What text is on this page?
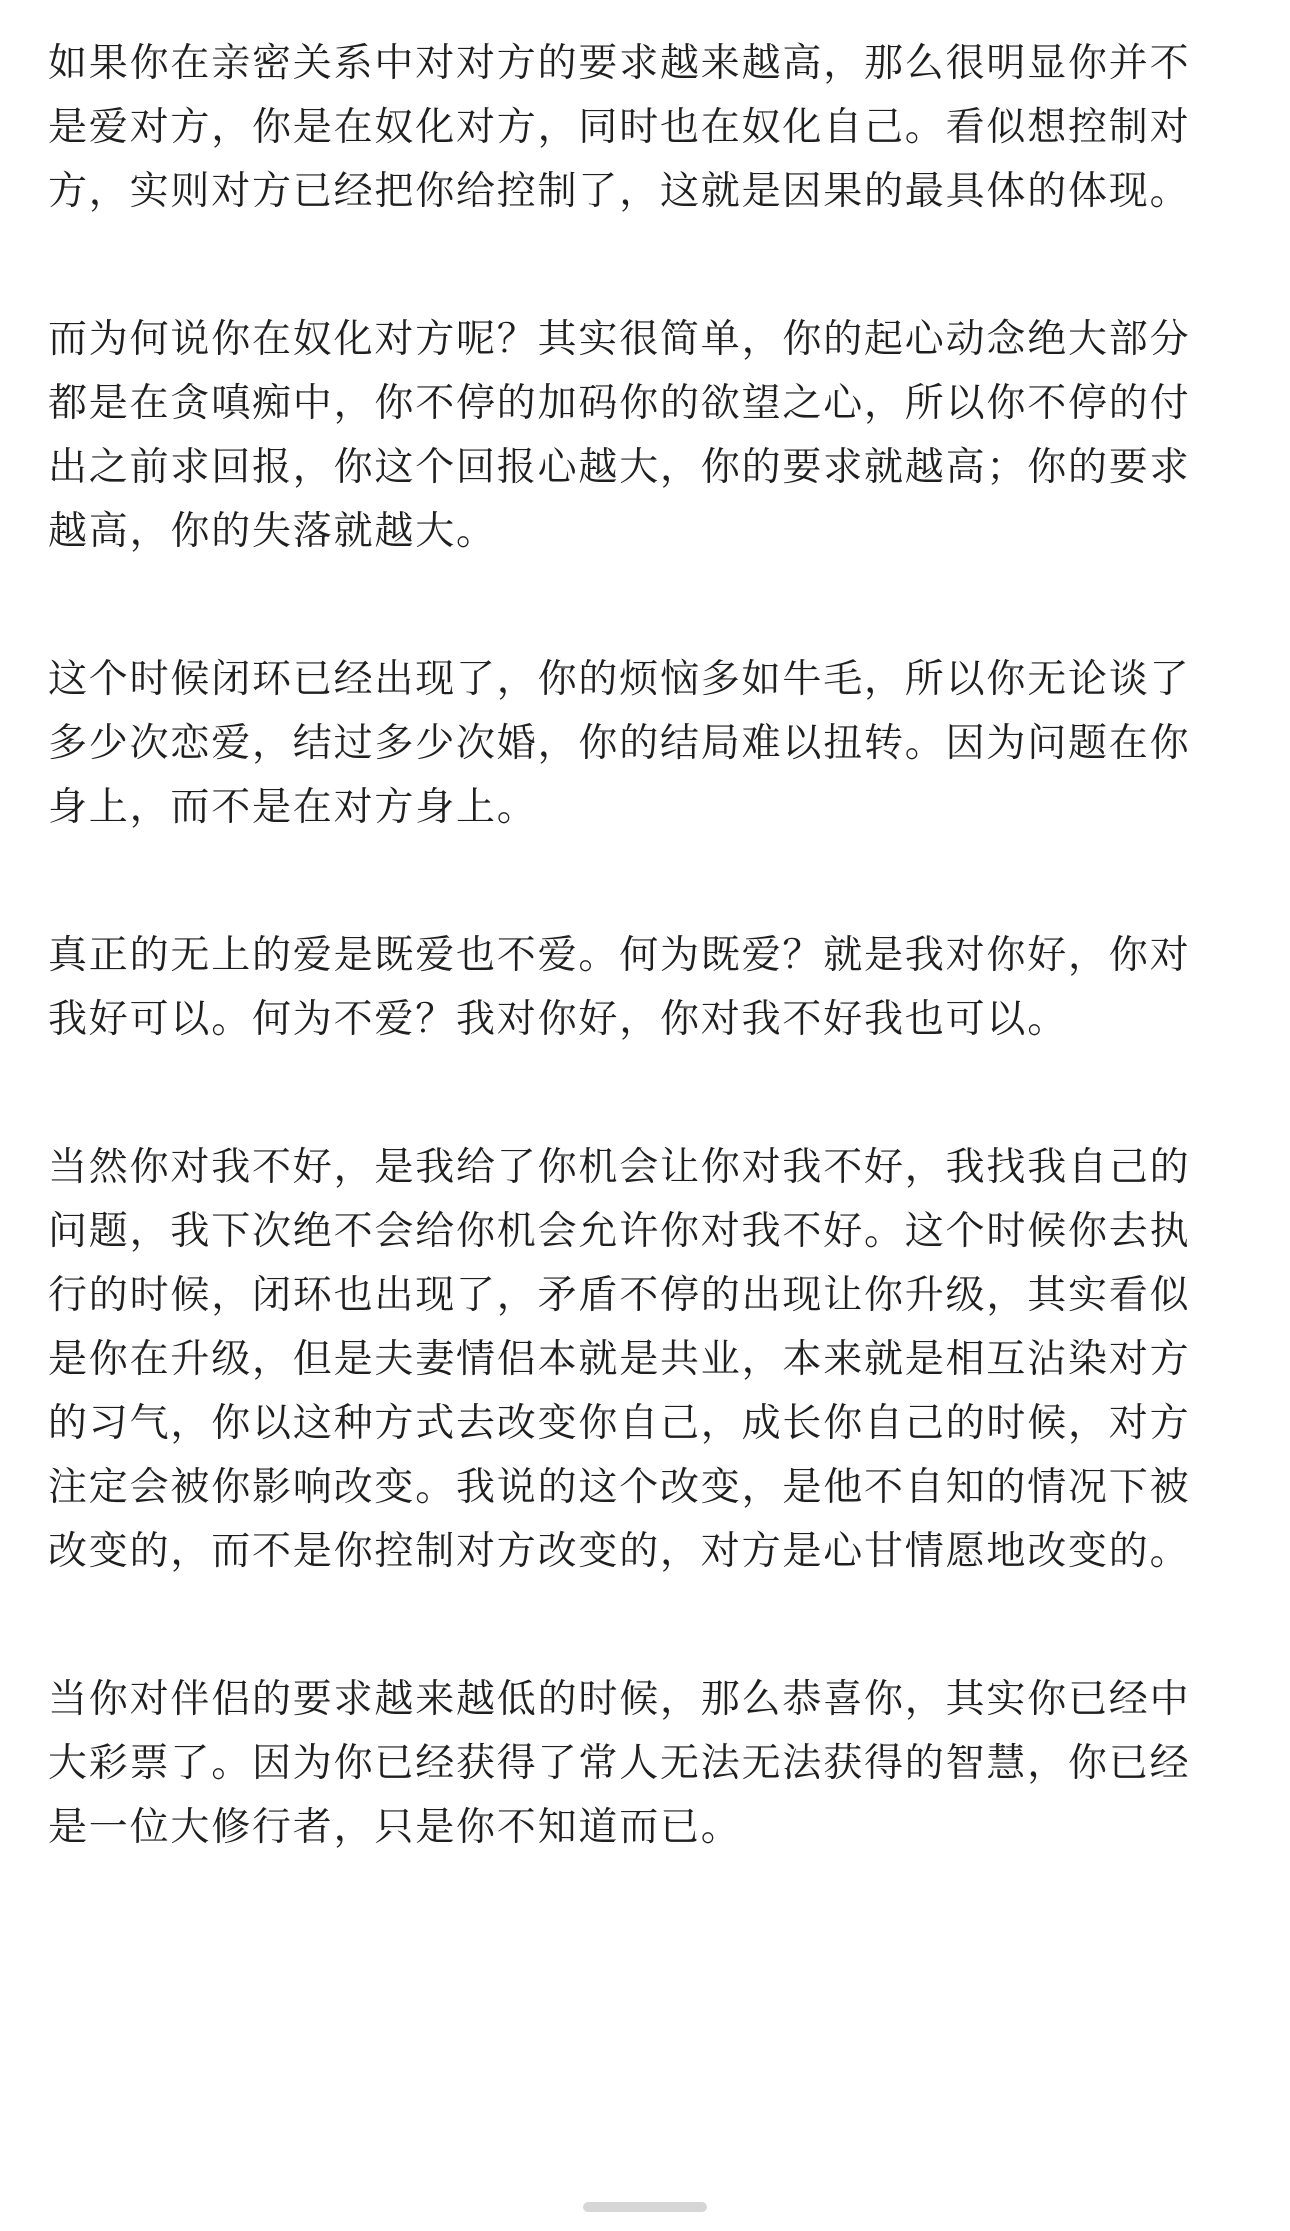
如果你在亲密关系中对对方的要求越来越高，那么很明显你并不是爱对方，你是在奴化对方，同时也在奴化自己。看似想控制对方，实则对方已经把你给控制了，这就是因果的最具体的体现。

而为何说你在奴化对方呢？其实很简单，你的起心动念绝大部分都是在贪嗔痴中，你不停的加码你的欲望之心，所以你不停的付出之前求回报，你这个回报心越大，你的要求就越高；你的要求越高，你的失落就越大。

这个时候闭环已经出现了，你的烦恼多如牛毛，所以你无论谈了多少次恋爱，结过多少次婚，你的结局难以扭转。因为问题在你身上，而不是在对方身上。

真正的无上的爱是既爱也不爱。何为既爱？就是我对你好，你对我好可以。何为不爱？我对你好，你对我不好我也可以。

当然你对我不好，是我给了你机会让你对我不好，我找我自己的问题，我下次绝不会给你机会允许你对我不好。这个时候你去执行的时候，闭环也出现了，矛盾不停的出现让你升级，其实看似是你在升级，但是夫妻情侣本就是共业，本来就是相互沾染对方的习气，你以这种方式去改变你自己，成长你自己的时候，对方注定会被你影响改变。我说的这个改变，是他不自知的情况下被改变的，而不是你控制对方改变的，对方是心甘情愿地改变的。

当你对伴侣的要求越来越低的时候，那么恭喜你，其实你已经中大彩票了。因为你已经获得了常人无法无法获得的智慧，你已经是一位大修行者，只是你不知道而已。
